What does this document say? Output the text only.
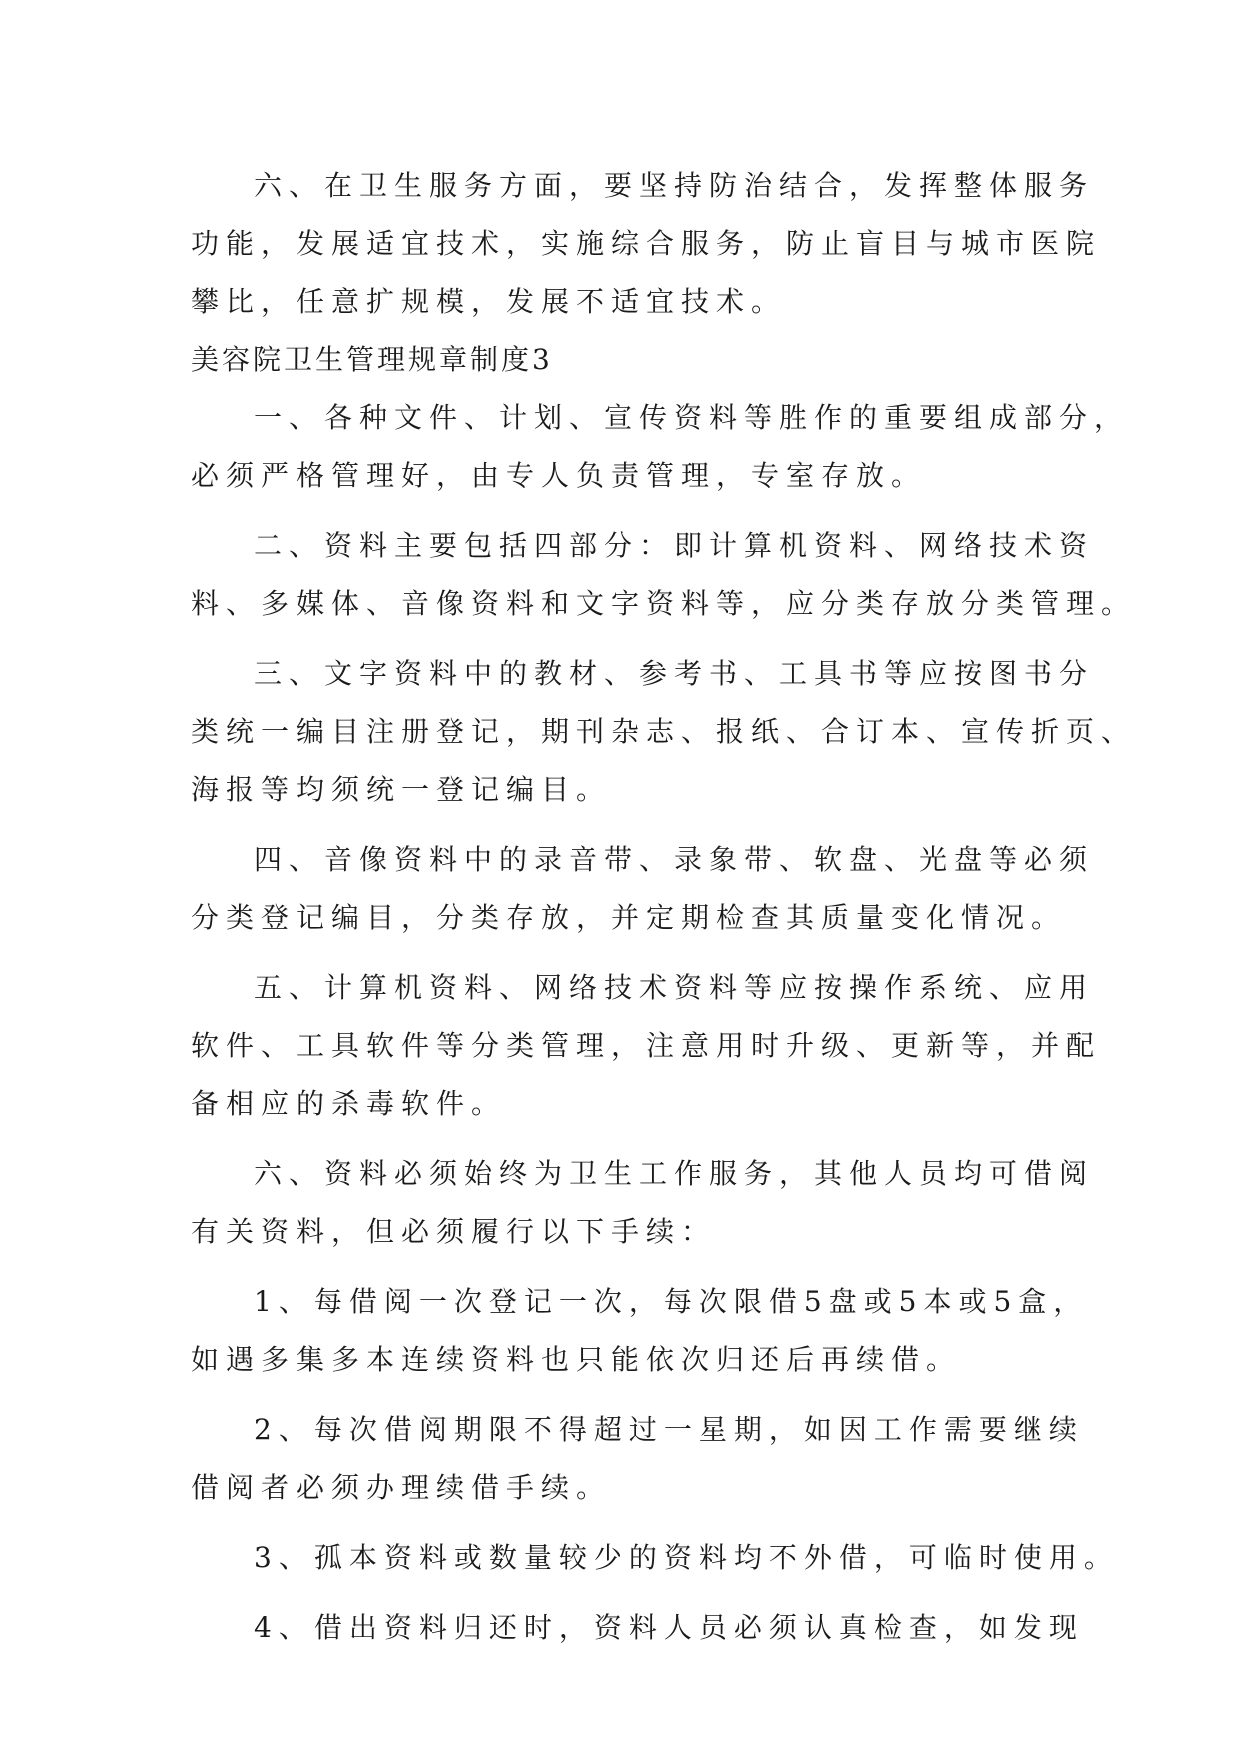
六、在卫生服务方面，要坚持防治结合，发挥整体服务
功能，发展适宜技术，实施综合服务，防止盲目与城市医院
攀比，任意扩规模，发展不适宜技术。
美容院卫生管理规章制度3
一、各种文件、计划、宣传资料等胜作的重要组成部分，
必须严格管理好，由专人负责管理，专室存放。
二、资料主要包括四部分：即计算机资料、网络技术资
料、多媒体、音像资料和文字资料等，应分类存放分类管理。
三、文字资料中的教材、参考书、工具书等应按图书分
类统一编目注册登记，期刊杂志、报纸、合订本、宣传折页、
海报等均须统一登记编目。
四、音像资料中的录音带、录象带、软盘、光盘等必须
分类登记编目，分类存放，并定期检查其质量变化情况。
五、计算机资料、网络技术资料等应按操作系统、应用
软件、工具软件等分类管理，注意用时升级、更新等，并配
备相应的杀毒软件。
六、资料必须始终为卫生工作服务，其他人员均可借阅
有关资料，但必须履行以下手续：
1、每借阅一次登记一次，每次限借5盘或5本或5盒，
如遇多集多本连续资料也只能依次归还后再续借。
2、每次借阅期限不得超过一星期，如因工作需要继续
借阅者必须办理续借手续。
3、孤本资料或数量较少的资料均不外借，可临时使用。
4、借出资料归还时，资料人员必须认真检查，如发现
